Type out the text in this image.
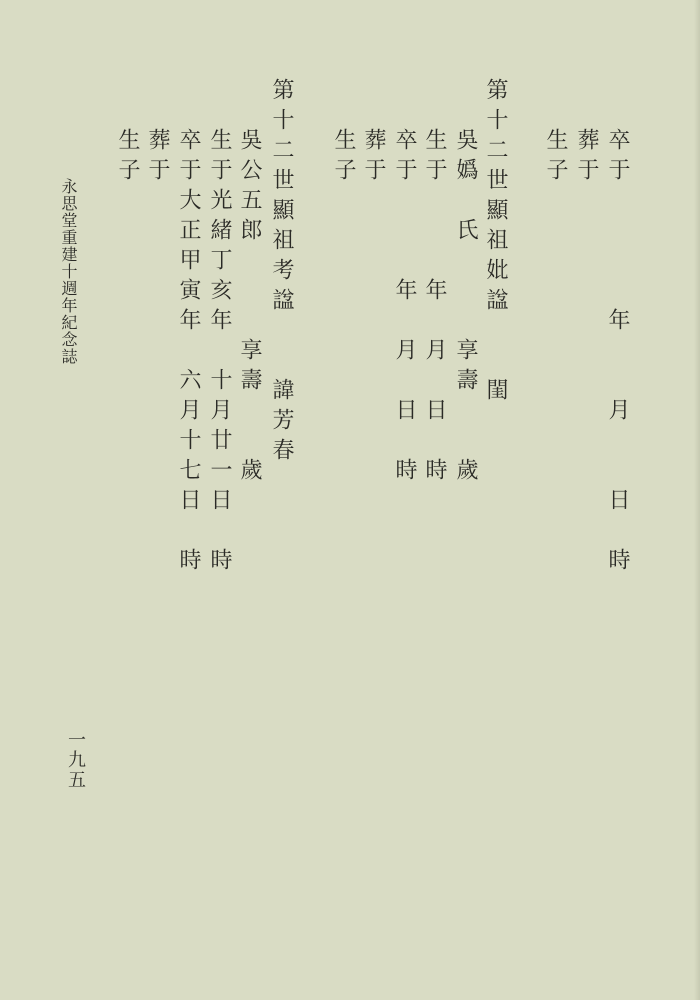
卒于　　　　年　　月　　日　時
葬于
生子
第十二世顯祖妣諡　　閨
吳嬀　氏　　　享壽　　歲
生于　　　年　月　日　時
卒于　　　年　月　日　時
葬于
生子
第十二世顯祖考諡　　諱芳春
吳公五郎　　　享壽　　歲
生于光緒丁亥年　十月廿一日　時
卒于大正甲寅年　六月十七日　時
葬于
生子
永思堂重建十週年紀念誌
一九五
